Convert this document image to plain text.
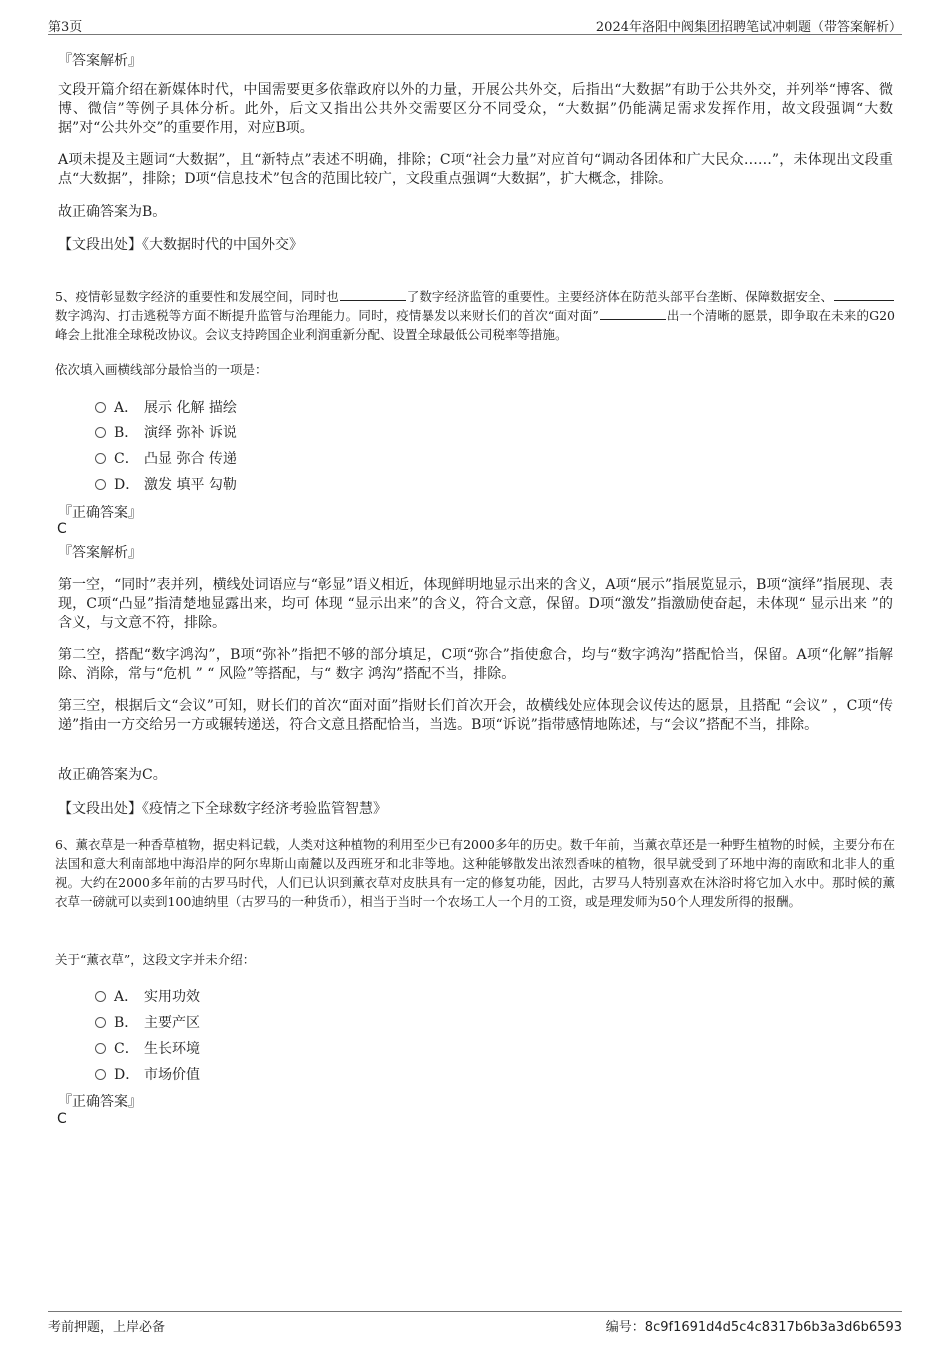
第3页	2024年洛阳中阀集团招聘笔试冲刺题（带答案解析）
『答案解析』

文段开篇介绍在新媒体时代，中国需要更多依靠政府以外的力量，开展公共外交，后指出“大数据”有助于公共外交，并列举“博客、微博、微信”等例子具体分析。此外，后文又指出公共外交需要区分不同受众，“大数据”仍能满足需求发挥作用，故文段强调“大数据”对“公共外交”的重要作用，对应B项。

A项未提及主题词“大数据”，且“新特点”表述不明确，排除；C项“社会力量”对应首句“调动各团体和广大民众……”，未体现出文段重点“大数据”，排除；D项“信息技术”包含的范围比较广，文段重点强调“大数据”，扩大概念，排除。

故正确答案为B。

【文段出处】《大数据时代的中国外交》

5、疫情彰显数字经济的重要性和发展空间，同时也	了数字经济监管的重要性。主要经济体在防范头部平台垄断、保障数据安全、数字鸿沟、打击逃税等方面不断提升监管与治理能力。同时，疫情暴发以来财长们的首次“面对面”	出一个清晰的愿景，即争取在未来的G20峰会上批准全球税改协议。会议支持跨国企业利润重新分配、设置全球最低公司税率等措施。

依次填入画横线部分最恰当的一项是：

A． 展示 化解 描绘
B． 演绎 弥补 诉说
C． 凸显 弥合 传递
D． 激发 填平 勾勒
『正确答案』
C
『答案解析』

第一空，“同时”表并列，横线处词语应与“彰显”语义相近，体现鲜明地显示出来的含义，A项“展示”指展览显示，B项“演绎”指展现、表现，C项“凸显”指清楚地显露出来，均可 体现 “显示出来”的含义，符合文意，保留。D项“激发”指激励使奋起，未体现“ 显示出来 ”的含义，与文意不符，排除。

第二空，搭配“数字鸿沟”，B项“弥补”指把不够的部分填足，C项“弥合”指使愈合，均与“数字鸿沟”搭配恰当，保留。A项“化解”指解除、消除，常与“危机 ” “ 风险”等搭配，与“ 数字 鸿沟”搭配不当，排除。

第三空，根据后文“会议”可知，财长们的首次“面对面”指财长们首次开会，故横线处应体现会议传达的愿景，且搭配 “会议” ，C项“传递”指由一方交给另一方或辗转递送，符合文意且搭配恰当，当选。B项“诉说”指带感情地陈述，与“会议”搭配不当，排除。

故正确答案为C。

【文段出处】《疫情之下全球数字经济考验监管智慧》

6、薰衣草是一种香草植物，据史料记载，人类对这种植物的利用至少已有2000多年的历史。数千年前，当薰衣草还是一种野生植物的时候，主要分布在法国和意大利南部地中海沿岸的阿尔卑斯山南麓以及西班牙和北非等地。这种能够散发出浓烈香味的植物，很早就受到了环地中海的南欧和北非人的重视。大约在2000多年前的古罗马时代，人们已认识到薰衣草对皮肤具有一定的修复功能，因此，古罗马人特别喜欢在沐浴时将它加入水中。那时候的薰衣草一磅就可以卖到100迪纳里（古罗马的一种货币），相当于当时一个农场工人一个月的工资，或是理发师为50个人理发所得的报酬。

关于“薰衣草”，这段文字并未介绍：

A． 实用功效
B． 主要产区
C． 生长环境
D． 市场价值
『正确答案』
C
考前押题，上岸必备	编号：8c9f1691d4d5c4c8317b6b3a3d6b6593
